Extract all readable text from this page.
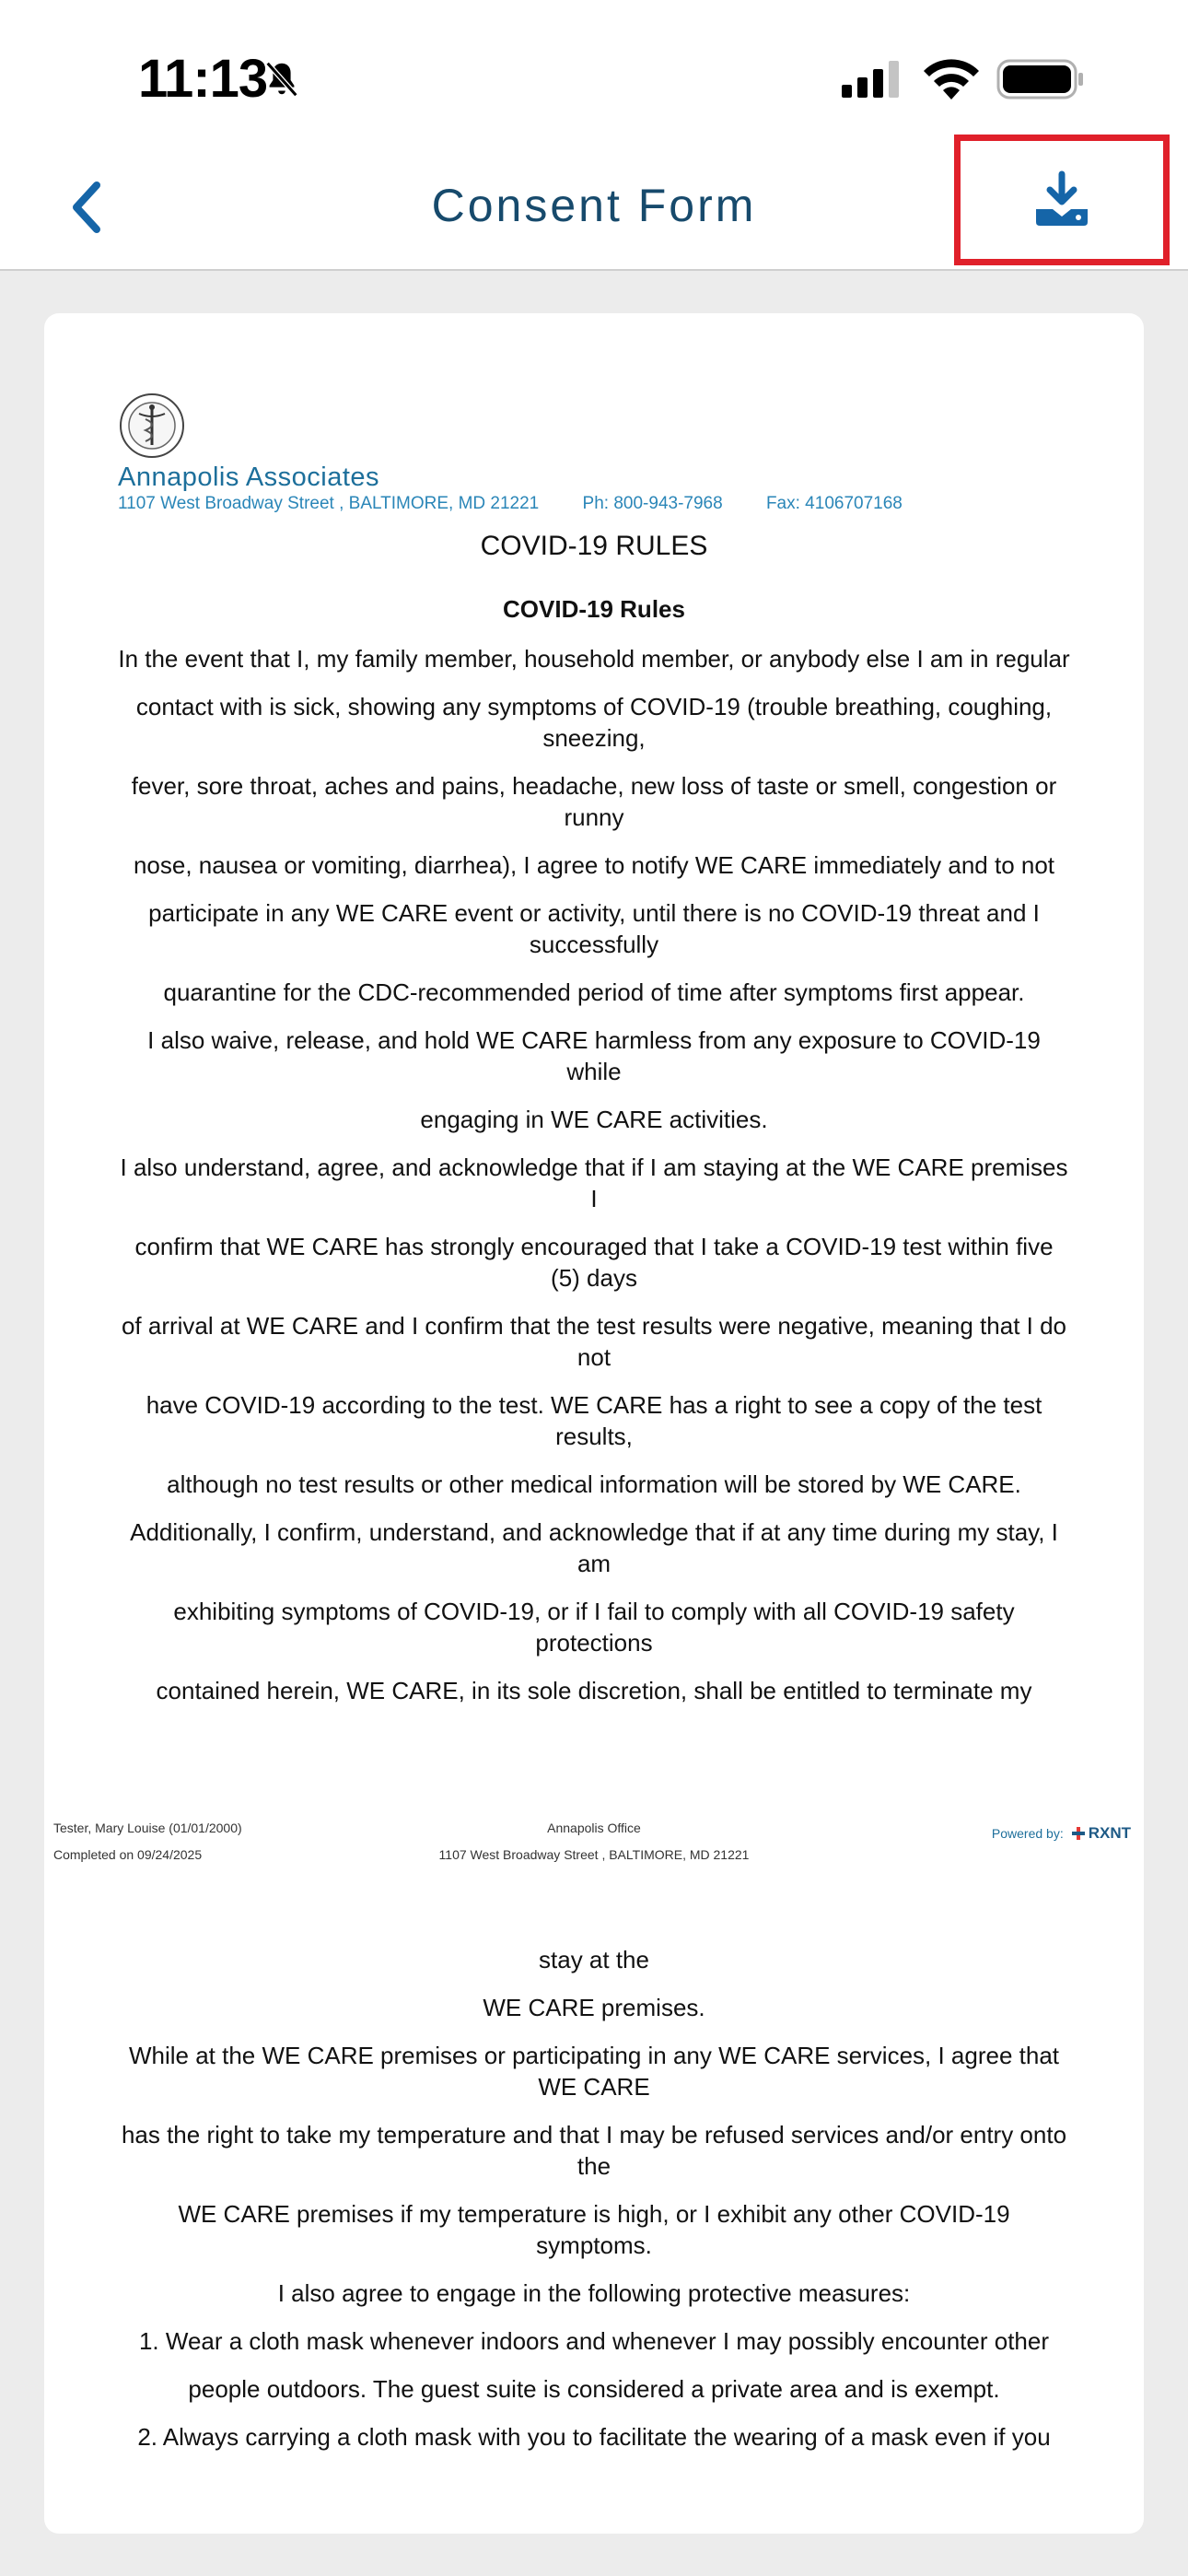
11:13
Consent Form
Annapolis Associates
1107 West Broadway Street , BALTIMORE, MD 21221 Ph: 800-943-7968 Fax: 4106707168
COVID-19 RULES
COVID-19 Rules

In the event that I, my family member, household member, or anybody else I am in regular

contact with is sick, showing any symptoms of COVID-19 (trouble breathing, coughing, sneezing,

fever, sore throat, aches and pains, headache, new loss of taste or smell, congestion or runny

nose, nausea or vomiting, diarrhea), I agree to notify WE CARE immediately and to not

participate in any WE CARE event or activity, until there is no COVID-19 threat and I successfully

quarantine for the CDC-recommended period of time after symptoms first appear.

I also waive, release, and hold WE CARE harmless from any exposure to COVID-19 while

engaging in WE CARE activities.

I also understand, agree, and acknowledge that if I am staying at the WE CARE premises I

confirm that WE CARE has strongly encouraged that I take a COVID-19 test within five (5) days

of arrival at WE CARE and I confirm that the test results were negative, meaning that I do not

have COVID-19 according to the test. WE CARE has a right to see a copy of the test results,

although no test results or other medical information will be stored by WE CARE.

Additionally, I confirm, understand, and acknowledge that if at any time during my stay, I am

exhibiting symptoms of COVID-19, or if I fail to comply with all COVID-19 safety protections

contained herein, WE CARE, in its sole discretion, shall be entitled to terminate my

Tester, Mary Louise (01/01/2000)
Completed on 09/24/2025
Annapolis Office
1107 West Broadway Street , BALTIMORE, MD 21221
Powered by: RXNT

stay at the

WE CARE premises.

While at the WE CARE premises or participating in any WE CARE services, I agree that WE CARE

has the right to take my temperature and that I may be refused services and/or entry onto the

WE CARE premises if my temperature is high, or I exhibit any other COVID-19 symptoms.

I also agree to engage in the following protective measures:

1. Wear a cloth mask whenever indoors and whenever I may possibly encounter other

people outdoors. The guest suite is considered a private area and is exempt.

2. Always carrying a cloth mask with you to facilitate the wearing of a mask even if you
